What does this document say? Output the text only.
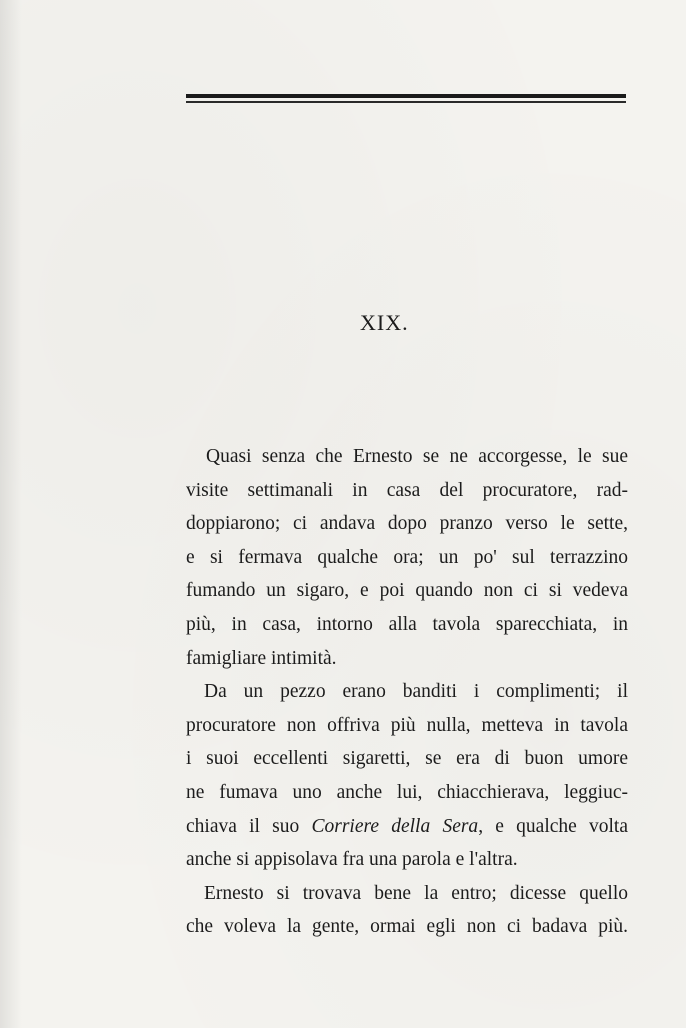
XIX.
Quasi senza che Ernesto se ne accorgesse, le sue
visite settimanali in casa del procuratore, rad-
doppiarono; ci andava dopo pranzo verso le sette,
e si fermava qualche ora; un po' sul terrazzino
fumando un sigaro, e poi quando non ci si vedeva
più, in casa, intorno alla tavola sparecchiata, in
famigliare intimità.
Da un pezzo erano banditi i complimenti; il
procuratore non offriva più nulla, metteva in tavola
i suoi eccellenti sigaretti, se era di buon umore
ne fumava uno anche lui, chiacchierava, leggiuc-
chiava il suo Corriere della Sera, e qualche volta
anche si appisolava fra una parola e l'altra.
Ernesto si trovava bene la entro; dicesse quello
che voleva la gente, ormai egli non ci badava più.
